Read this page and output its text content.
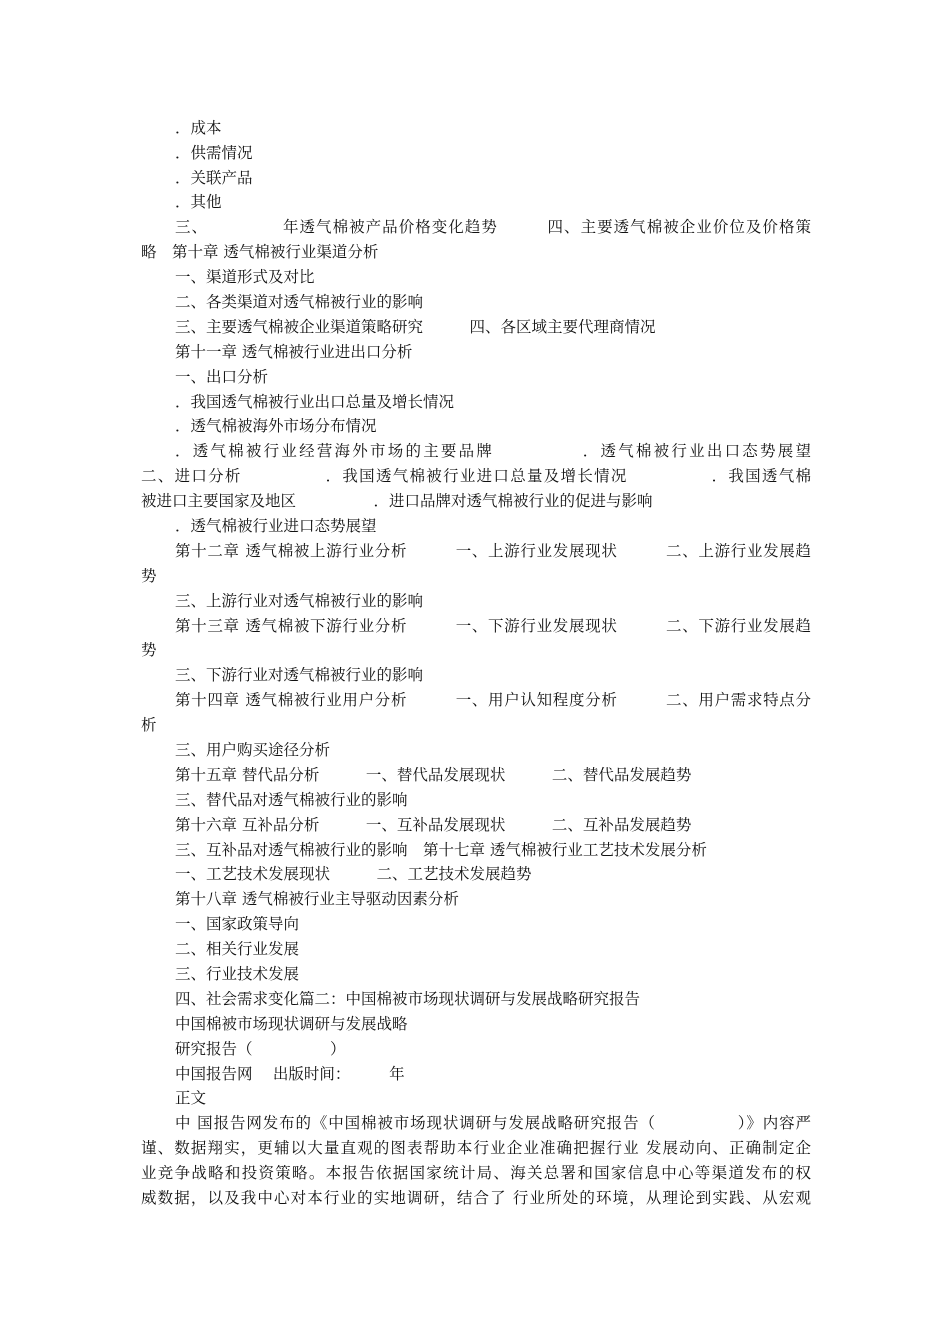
．成本
．供需情况
．关联产品
．其他
三、　　　　　年透气棉被产品价格变化趋势　　　四、主要透气棉被企业价位及价格策
略　第十章 透气棉被行业渠道分析
一、渠道形式及对比
二、各类渠道对透气棉被行业的影响
三、主要透气棉被企业渠道策略研究　　　四、各区域主要代理商情况
第十一章 透气棉被行业进出口分析
一、出口分析
．我国透气棉被行业出口总量及增长情况
．透气棉被海外市场分布情况
．透气棉被行业经营海外市场的主要品牌　　　　　．透气棉被行业出口态势展望
二、进口分析　　　　　．我国透气棉被行业进口总量及增长情况　　　　　．我国透气棉
被进口主要国家及地区　　　　　．进口品牌对透气棉被行业的促进与影响
．透气棉被行业进口态势展望
第十二章 透气棉被上游行业分析　　　一、上游行业发展现状　　　二、上游行业发展趋
势
三、上游行业对透气棉被行业的影响
第十三章 透气棉被下游行业分析　　　一、下游行业发展现状　　　二、下游行业发展趋
势
三、下游行业对透气棉被行业的影响
第十四章 透气棉被行业用户分析　　　一、用户认知程度分析　　　二、用户需求特点分
析
三、用户购买途径分析
第十五章 替代品分析　　　一、替代品发展现状　　　二、替代品发展趋势
三、替代品对透气棉被行业的影响
第十六章 互补品分析　　　一、互补品发展现状　　　二、互补品发展趋势
三、互补品对透气棉被行业的影响　第十七章 透气棉被行业工艺技术发展分析
一、工艺技术发展现状　　　二、工艺技术发展趋势
第十八章 透气棉被行业主导驱动因素分析
一、国家政策导向
二、相关行业发展
三、行业技术发展
四、社会需求变化篇二：中国棉被市场现状调研与发展战略研究报告
中国棉被市场现状调研与发展战略
研究报告（　　　　　）
中国报告网　 出版时间：　　　年
正文
中 国报告网发布的《中国棉被市场现状调研与发展战略研究报告（　　　　　）》内容严
谨、数据翔实，更辅以大量直观的图表帮助本行业企业准确把握行业 发展动向、正确制定企
业竞争战略和投资策略。本报告依据国家统计局、海关总署和国家信息中心等渠道发布的权
威数据，以及我中心对本行业的实地调研，结合了 行业所处的环境，从理论到实践、从宏观
